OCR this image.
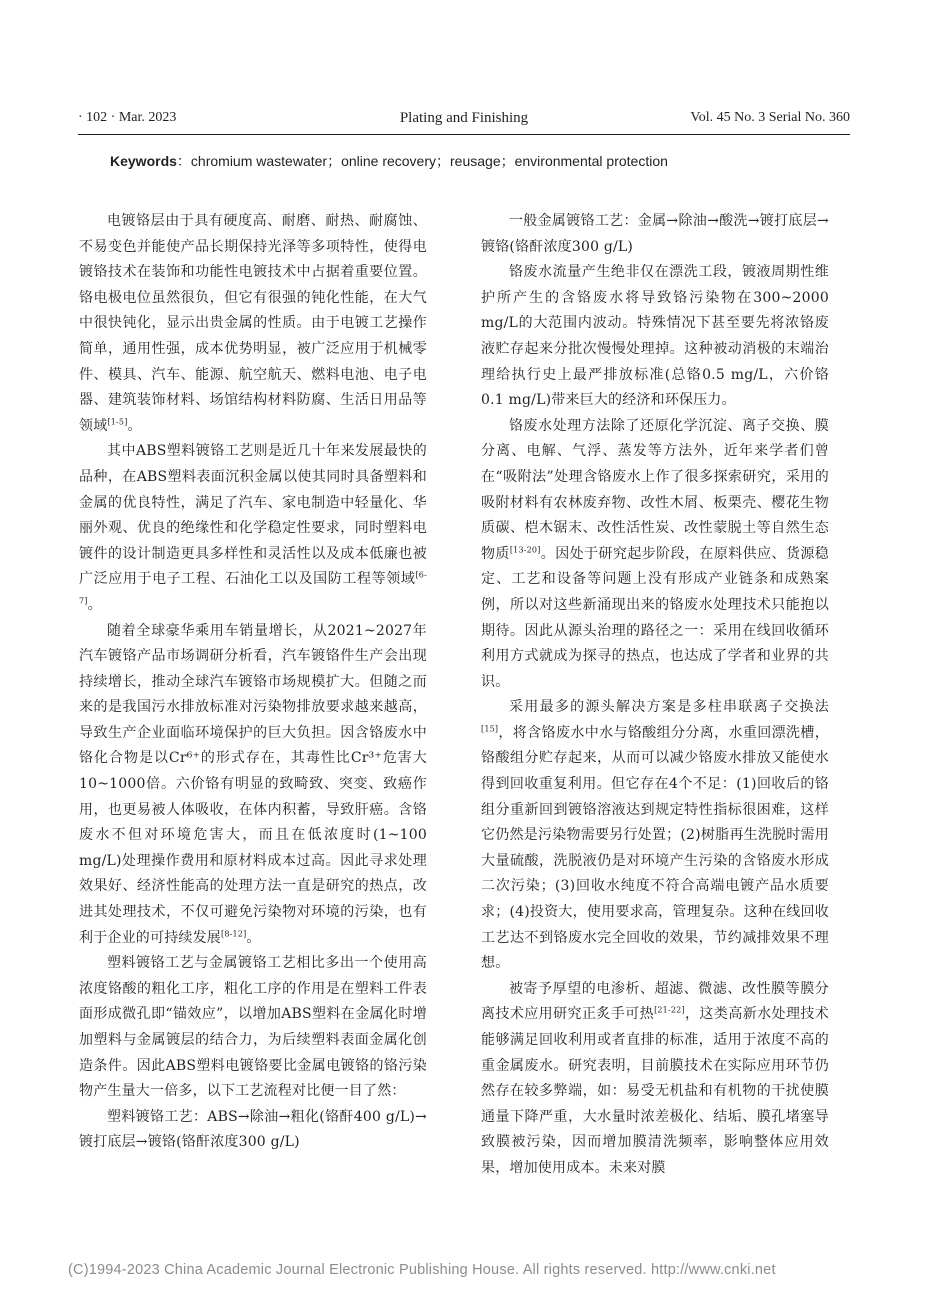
· 102 · Mar. 2023	Plating and Finishing	Vol. 45 No. 3 Serial No. 360
Keywords：chromium wastewater；online recovery；reusage；environmental protection

电镀铬层由于具有硬度高、耐磨、耐热、耐腐蚀、不易变色并能使产品长期保持光泽等多项特性，使得电镀铬技术在装饰和功能性电镀技术中占据着重要位置。铬电极电位虽然很负，但它有很强的钝化性能，在大气中很快钝化，显示出贵金属的性质。由于电镀工艺操作简单，通用性强，成本优势明显，被广泛应用于机械零件、模具、汽车、能源、航空航天、燃料电池、电子电器、建筑装饰材料、场馆结构材料防腐、生活日用品等领域[1-5]。

其中ABS塑料镀铬工艺则是近几十年来发展最快的品种，在ABS塑料表面沉积金属以使其同时具备塑料和金属的优良特性，满足了汽车、家电制造中轻量化、华丽外观、优良的绝缘性和化学稳定性要求，同时塑料电镀件的设计制造更具多样性和灵活性以及成本低廉也被广泛应用于电子工程、石油化工以及国防工程等领域[6-7]。

随着全球豪华乘用车销量增长，从2021~2027年汽车镀铬产品市场调研分析看，汽车镀铬件生产会出现持续增长，推动全球汽车镀铬市场规模扩大。但随之而来的是我国污水排放标准对污染物排放要求越来越高，导致生产企业面临环境保护的巨大负担。因含铬废水中铬化合物是以Cr⁶⁺的形式存在，其毒性比Cr³⁺危害大10~1000倍。六价铬有明显的致畸致、突变、致癌作用，也更易被人体吸收，在体内积蓄，导致肝癌。含铬废水不但对环境危害大，而且在低浓度时(1~100 mg/L)处理操作费用和原材料成本过高。因此寻求处理效果好、经济性能高的处理方法一直是研究的热点，改进其处理技术，不仅可避免污染物对环境的污染，也有利于企业的可持续发展[8-12]。

塑料镀铬工艺与金属镀铬工艺相比多出一个使用高浓度铬酸的粗化工序，粗化工序的作用是在塑料工件表面形成微孔即“锚效应”，以增加ABS塑料在金属化时增加塑料与金属镀层的结合力，为后续塑料表面金属化创造条件。因此ABS塑料电镀铬要比金属电镀铬的铬污染物产生量大一倍多，以下工艺流程对比便一目了然：

塑料镀铬工艺：ABS→除油→粗化(铬酐400 g/L)→镀打底层→镀铬(铬酐浓度300 g/L)

一般金属镀铬工艺：金属→除油→酸洗→镀打底层→镀铬(铬酐浓度300 g/L)

铬废水流量产生绝非仅在漂洗工段，镀液周期性维护所产生的含铬废水将导致铬污染物在300~2000 mg/L的大范围内波动。特殊情况下甚至要先将浓铬废液贮存起来分批次慢慢处理掉。这种被动消极的末端治理给执行史上最严排放标准(总铬0.5 mg/L，六价铬0.1 mg/L)带来巨大的经济和环保压力。

铬废水处理方法除了还原化学沉淀、离子交换、膜分离、电解、气浮、蒸发等方法外，近年来学者们曾在“吸附法”处理含铬废水上作了很多探索研究，采用的吸附材料有农林废弃物、改性木屑、板栗壳、樱花生物质碳、桤木锯末、改性活性炭、改性蒙脱土等自然生态物质[13-20]。因处于研究起步阶段，在原料供应、货源稳定、工艺和设备等问题上没有形成产业链条和成熟案例，所以对这些新涌现出来的铬废水处理技术只能抱以期待。因此从源头治理的路径之一：采用在线回收循环利用方式就成为探寻的热点，也达成了学者和业界的共识。

采用最多的源头解决方案是多柱串联离子交换法[15]，将含铬废水中水与铬酸组分分离，水重回漂洗槽，铬酸组分贮存起来，从而可以减少铬废水排放又能使水得到回收重复利用。但它存在4个不足：(1)回收后的铬组分重新回到镀铬溶液达到规定特性指标很困难，这样它仍然是污染物需要另行处置；(2)树脂再生洗脱时需用大量硫酸，洗脱液仍是对环境产生污染的含铬废水形成二次污染；(3)回收水纯度不符合高端电镀产品水质要求；(4)投资大，使用要求高，管理复杂。这种在线回收工艺达不到铬废水完全回收的效果，节约减排效果不理想。

被寄予厚望的电渗析、超滤、微滤、改性膜等膜分离技术应用研究正炙手可热[21-22]，这类高新水处理技术能够满足回收利用或者直排的标准，适用于浓度不高的重金属废水。研究表明，目前膜技术在实际应用环节仍然存在较多弊端，如：易受无机盐和有机物的干扰使膜通量下降严重，大水量时浓差极化、结垢、膜孔堵塞导致膜被污染，因而增加膜清洗频率，影响整体应用效果，增加使用成本。未来对膜

(C)1994-2023 China Academic Journal Electronic Publishing House. All rights reserved. http://www.cnki.net
